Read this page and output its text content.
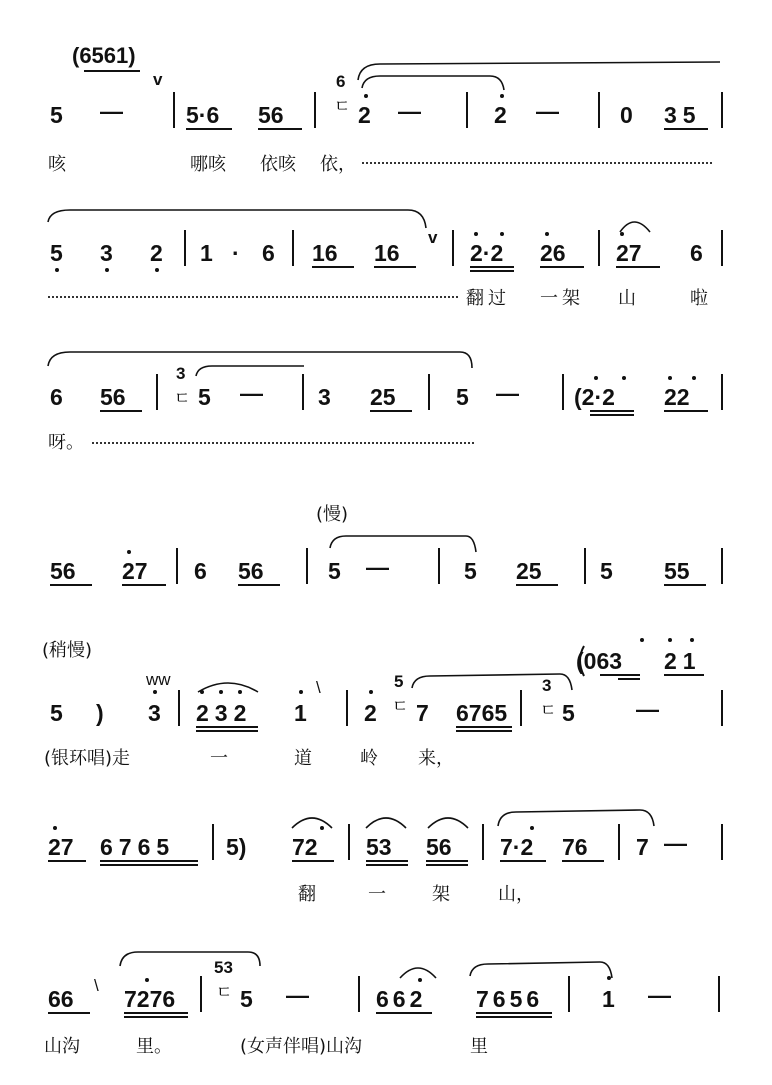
(6561)
v
5 —	5·6 56
6
ㄷ 2 —	2 —	0 35
咳	哪咳 依咳 依，
5 3 2 1 · 6 16 16
v
2·2 26 27 6
翻过 一架 山	啦
6 56
3
ㄷ 5 — 3 25	5 — (2·2 22
呀。
(慢)
56 27 6 56	5 —	5 25	5 55
(稍慢)
5 )
ww
3 232 1
\
2
5
ㄷ 7 6765
3
ㄷ 5	—
(063 21
(银环唱)走	一	道	岭 来，
27 6765 5) 72 53 56 7·2 76 7 —
翻	一	架	山，
66
\
7276
53
ㄷ 5 —	662 7656	1 —
山沟	里。	(女声伴唱)山沟	里
